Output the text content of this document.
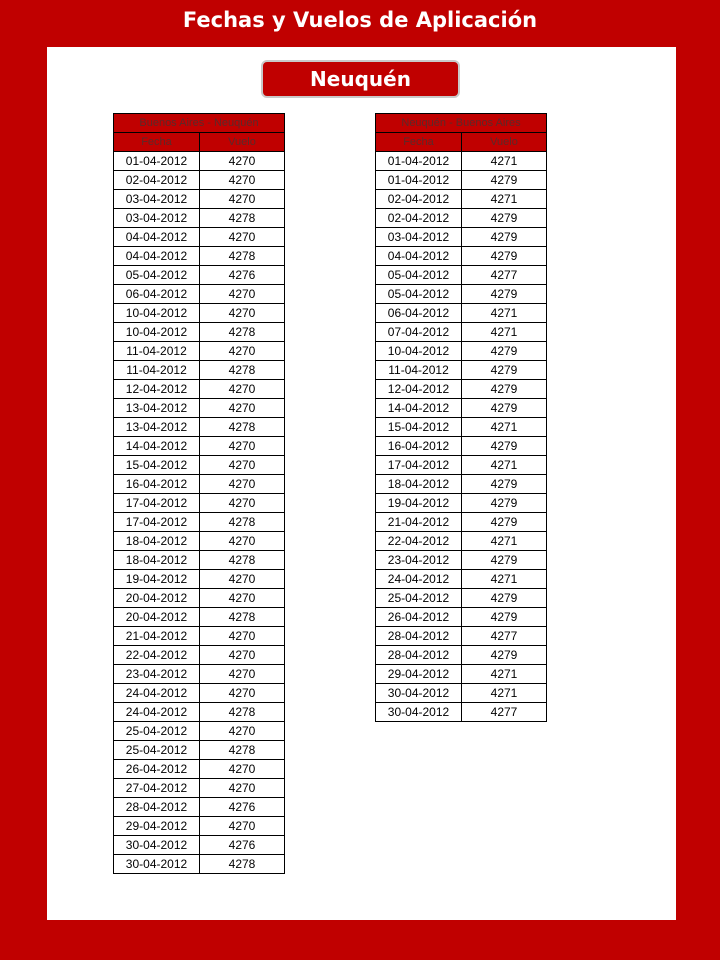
Fechas y Vuelos de Aplicación
Neuquén
Buenos Aires - Neuquén	
Fecha	Vuelo
01-04-2012	4270
02-04-2012	4270
03-04-2012	4270
03-04-2012	4278
04-04-2012	4270
04-04-2012	4278
05-04-2012	4276
06-04-2012	4270
10-04-2012	4270
10-04-2012	4278
11-04-2012	4270
11-04-2012	4278
12-04-2012	4270
13-04-2012	4270
13-04-2012	4278
14-04-2012	4270
15-04-2012	4270
16-04-2012	4270
17-04-2012	4270
17-04-2012	4278
18-04-2012	4270
18-04-2012	4278
19-04-2012	4270
20-04-2012	4270
20-04-2012	4278
21-04-2012	4270
22-04-2012	4270
23-04-2012	4270
24-04-2012	4270
24-04-2012	4278
25-04-2012	4270
25-04-2012	4278
26-04-2012	4270
27-04-2012	4270
28-04-2012	4276
29-04-2012	4270
30-04-2012	4276
30-04-2012	4278
Neuquén - Buenos Aires	
Fecha	Vuelo
01-04-2012	4271
01-04-2012	4279
02-04-2012	4271
02-04-2012	4279
03-04-2012	4279
04-04-2012	4279
05-04-2012	4277
05-04-2012	4279
06-04-2012	4271
07-04-2012	4271
10-04-2012	4279
11-04-2012	4279
12-04-2012	4279
14-04-2012	4279
15-04-2012	4271
16-04-2012	4279
17-04-2012	4271
18-04-2012	4279
19-04-2012	4279
21-04-2012	4279
22-04-2012	4271
23-04-2012	4279
24-04-2012	4271
25-04-2012	4279
26-04-2012	4279
28-04-2012	4277
28-04-2012	4279
29-04-2012	4271
30-04-2012	4271
30-04-2012	4277
